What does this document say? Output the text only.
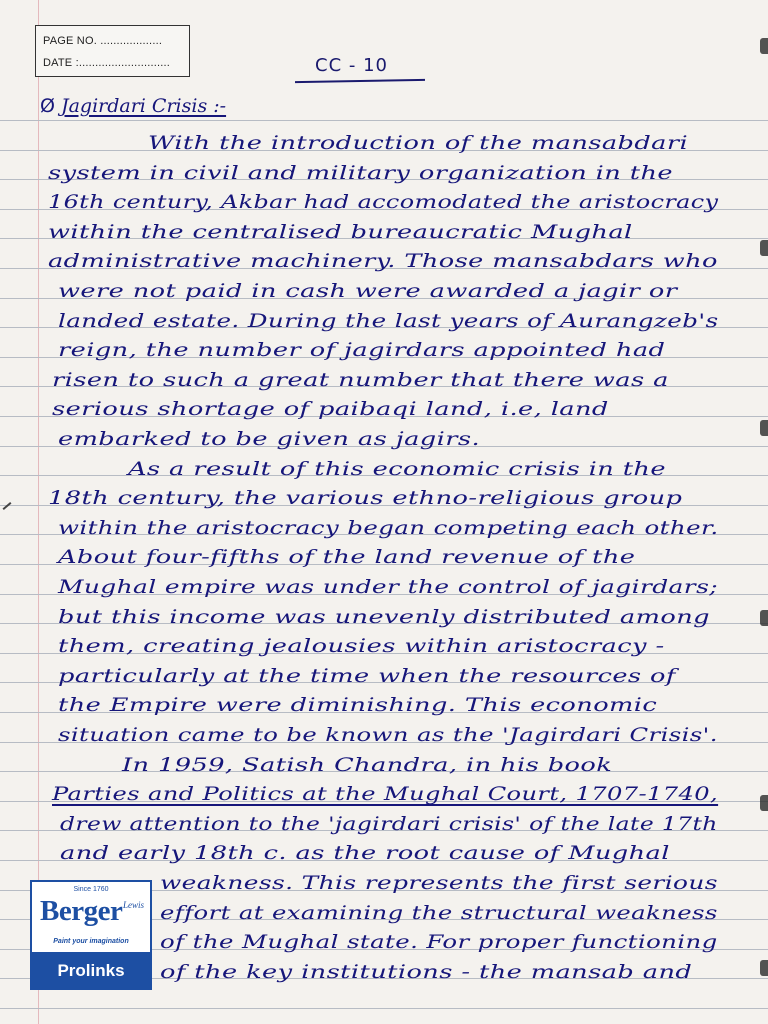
PAGE NO. ...................
DATE :............................	CC - 10
Ø Jagirdari Crisis :-
With the introduction of the mansabdari
system in civil and military organization in the
16th century, Akbar had accomodated the aristocracy
within the centralised bureaucratic Mughal
administrative machinery. Those mansabdars who
were not paid in cash were awarded a jagir or
landed estate. During the last years of Aurangzeb's
reign, the number of jagirdars appointed had
risen to such a great number that there was a
serious shortage of paibaqi land, i.e, land
embarked to be given as jagirs.
As a result of this economic crisis in the
18th century, the various ethno-religious group
within the aristocracy began competing each other.
About four-fifths of the land revenue of the
Mughal empire was under the control of jagirdars;
but this income was unevenly distributed among
them, creating jealousies within aristocracy -
particularly at the time when the resources of
the Empire were diminishing. This economic
situation came to be known as the 'Jagirdari Crisis'.
In 1959, Satish Chandra, in his book
Parties and Politics at the Mughal Court, 1707-1740,
drew attention to the 'jagirdari crisis' of the late 17th
and early 18th c. as the root cause of Mughal
weakness. This represents the first serious
effort at examining the structural weakness
of the Mughal state. For proper functioning
of the key institutions - the mansab and
Since 1760
Berger Lewis
Paint your imagination
Prolinks
